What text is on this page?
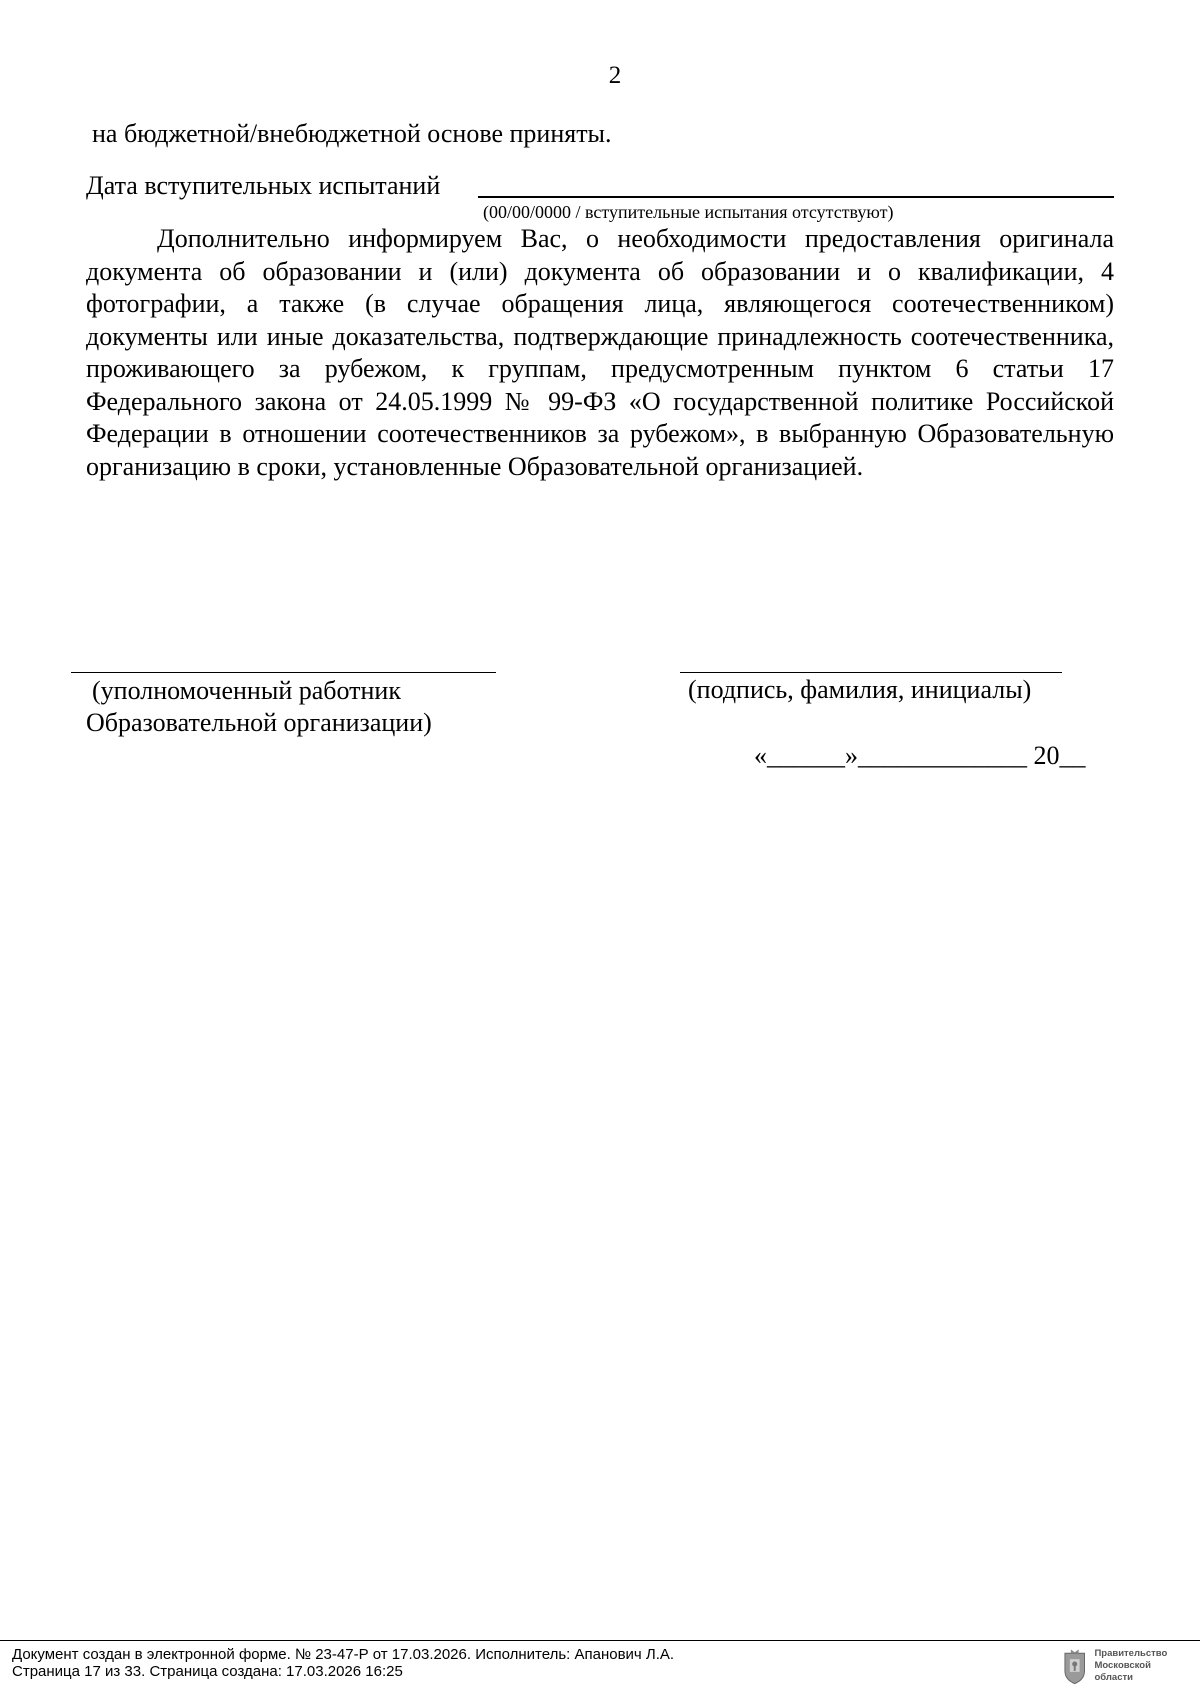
2
на бюджетной/внебюджетной основе приняты.
Дата вступительных испытаний
(00/00/0000 / вступительные испытания отсутствуют)

Дополнительно информируем Вас, о необходимости предоставления оригинала документа об образовании и (или) документа об образовании и о квалификации, 4 фотографии, а также (в случае обращения лица, являющегося соотечественником) документы или иные доказательства, подтверждающие принадлежность соотечественника, проживающего за рубежом, к группам, предусмотренным пунктом 6 статьи 17 Федерального закона от 24.05.1999 № 99-ФЗ «О государственной политике Российской Федерации в отношении соотечественников за рубежом», в выбранную Образовательную организацию в сроки, установленные Образовательной организацией.

(уполномоченный работник
Образовательной организации)
(подпись, фамилия, инициалы)
«______»_____________ 20__
Документ создан в электронной форме. № 23-47-Р от 17.03.2026. Исполнитель: Апанович Л.А.
Страница 17 из 33. Страница создана: 17.03.2026 16:25
Правительство
Московской области
